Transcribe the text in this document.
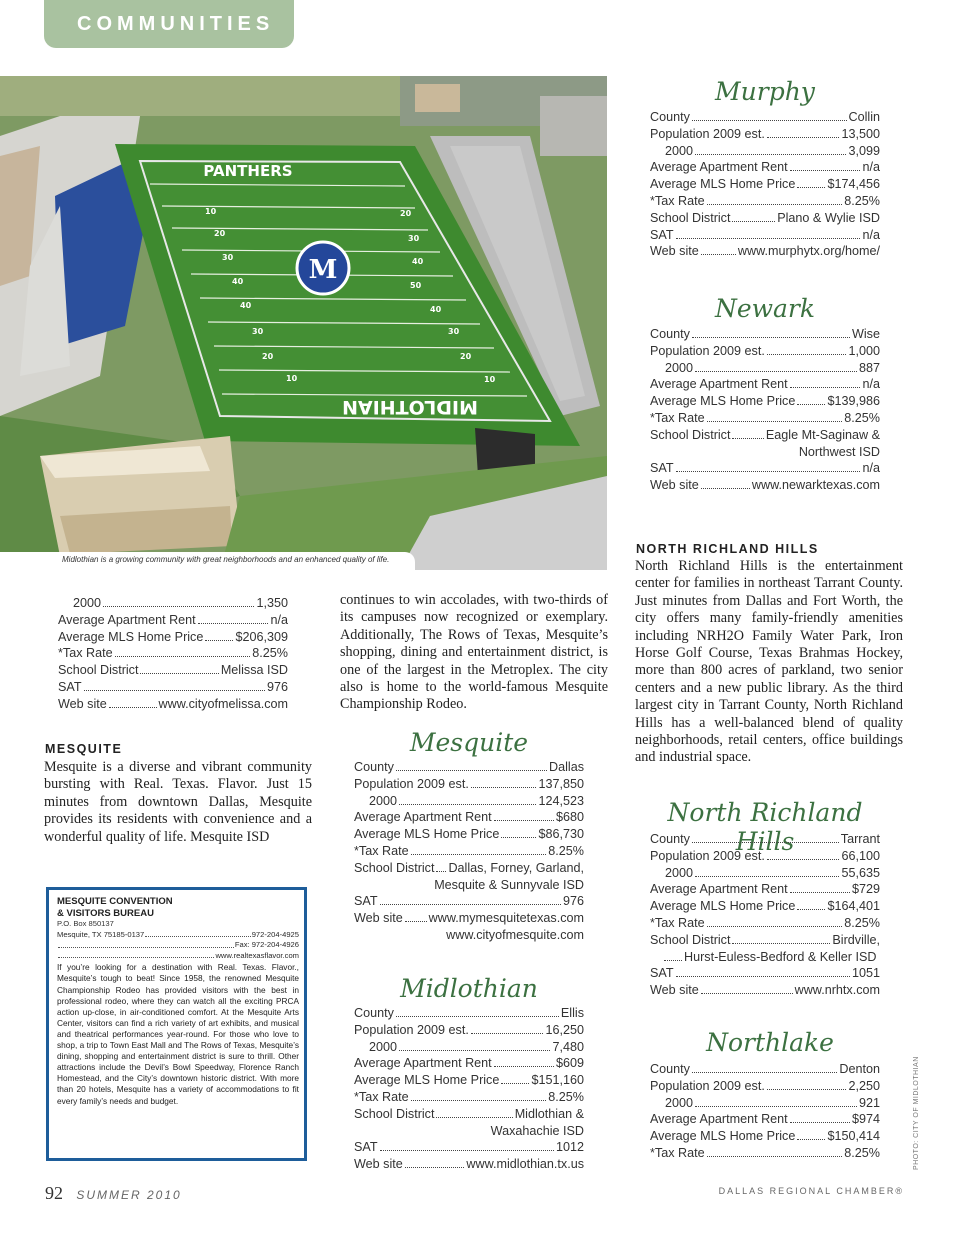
COMMUNITIES
M
PANTHERS
MIDLOTHIAN
10
20
30
40
40
30
20
10
20
30
40
50
40
30
20
10
Midlothian is a growing community with great neighborhoods and an enhanced quality of life.
2000	1,350
Average Apartment Rent	n/a
Average MLS Home Price	$206,309
*Tax Rate	8.25%
School District	Melissa ISD
SAT	976
Web site	www.cityofmelissa.com
MESQUITE
Mesquite is a diverse and vibrant community bursting with Real. Texas. Flavor. Just 15 minutes from downtown Dallas, Mesquite provides its residents with convenience and a wonderful quality of life. Mesquite ISD
continues to win accolades, with two-thirds of its campuses now recognized or exemplary. Additionally, The Rows of Texas, Mesquite’s shopping, dining and entertainment district, is one of the largest in the Metroplex. The city also is home to the world-famous Mesquite Championship Rodeo.
MESQUITE CONVENTION
& VISITORS BUREAU
P.O. Box 850137
Mesquite, TX 75185-0137	972-204-4925
Fax: 972-204-4926
www.realtexasflavor.com
If you’re looking for a destination with Real. Texas. Flavor., Mesquite’s tough to beat! Since 1958, the renowned Mesquite Championship Rodeo has provided visitors with the best in professional rodeo, where they can watch all the exciting PRCA action up-close, in air-conditioned comfort. At the Mesquite Arts Center, visitors can find a rich variety of art exhibits, and musical and theatrical performances year-round. For those who love to shop, a trip to Town East Mall and The Rows of Texas, Mesquite’s dining, shopping and entertainment district is sure to thrill. Other attractions include the Devil’s Bowl Speedway, Florence Ranch Homestead, and the City’s downtown historic district. With more than 20 hotels, Mesquite has a variety of accommodations to fit every family’s needs and budget.
Mesquite
County	Dallas
Population 2009 est.	137,850
2000	124,523
Average Apartment Rent	$680
Average MLS Home Price	$86,730
*Tax Rate	8.25%
School District Dallas, Forney, Garland,
Mesquite & Sunnyvale ISD
SAT	976
Web site www.mymesquitetexas.com
www.cityofmesquite.com
Midlothian
County	Ellis
Population 2009 est.	16,250
2000	7,480
Average Apartment Rent	$609
Average MLS Home Price	$151,160
*Tax Rate	8.25%
School District	Midlothian &
Waxahachie ISD
SAT	1012
Web site	www.midlothian.tx.us
Murphy
County	Collin
Population 2009 est.	13,500
2000	3,099
Average Apartment Rent	n/a
Average MLS Home Price	$174,456
*Tax Rate	8.25%
School District	Plano & Wylie ISD
SAT	n/a
Web site	www.murphytx.org/home/
Newark
County	Wise
Population 2009 est.	1,000
2000	887
Average Apartment Rent	n/a
Average MLS Home Price	$139,986
*Tax Rate	8.25%
School District	Eagle Mt-Saginaw &
Northwest ISD
SAT	n/a
Web site	www.newarktexas.com
NORTH RICHLAND HILLS
North Richland Hills is the entertainment center for families in northeast Tarrant County. Just minutes from Dallas and Fort Worth, the city offers many family-friendly amenities including NRH2O Family Water Park, Iron Horse Golf Course, Texas Brahmas Hockey, more than 800 acres of parkland, two senior centers and a new public library. As the third largest city in Tarrant County, North Richland Hills has a well-balanced blend of quality neighborhoods, retail centers, office buildings and industrial space.
North Richland Hills
County	Tarrant
Population 2009 est.	66,100
2000	55,635
Average Apartment Rent	$729
Average MLS Home Price	$164,401
*Tax Rate	8.25%
School District	Birdville,
Hurst-Euless-Bedford & Keller ISD
SAT	1051
Web site	www.nrhtx.com
Northlake
County	Denton
Population 2009 est.	2,250
2000	921
Average Apartment Rent	$974
Average MLS Home Price	$150,414
*Tax Rate	8.25%	PHOTO: CITY OF MIDLOTHIAN
92 SUMMER 2010	DALLAS REGIONAL CHAMBER®
